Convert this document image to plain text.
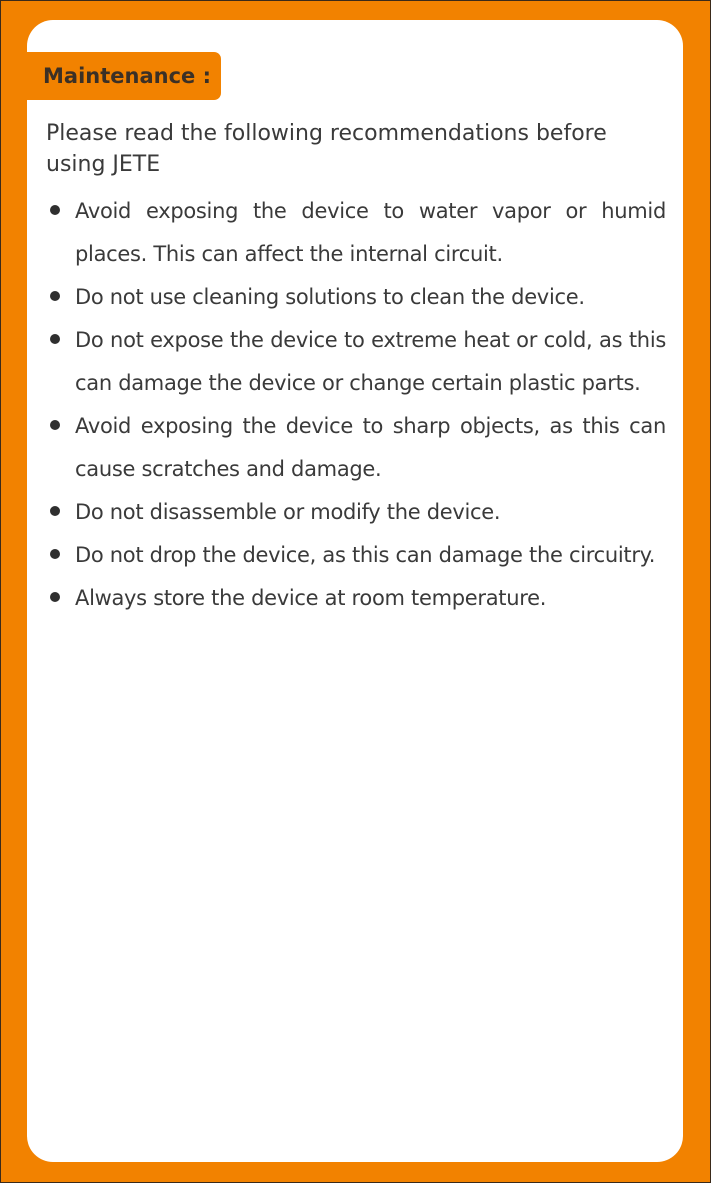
Maintenance :

Please read the following recommendations before using JETE

Avoid exposing the device to water vapor or humid places. This can affect the internal circuit.
Do not use cleaning solutions to clean the device.
Do not expose the device to extreme heat or cold, as this can damage the device or change certain plastic parts.
Avoid exposing the device to sharp objects, as this can cause scratches and damage.
Do not disassemble or modify the device.
Do not drop the device, as this can damage the circuitry.
Always store the device at room temperature.
